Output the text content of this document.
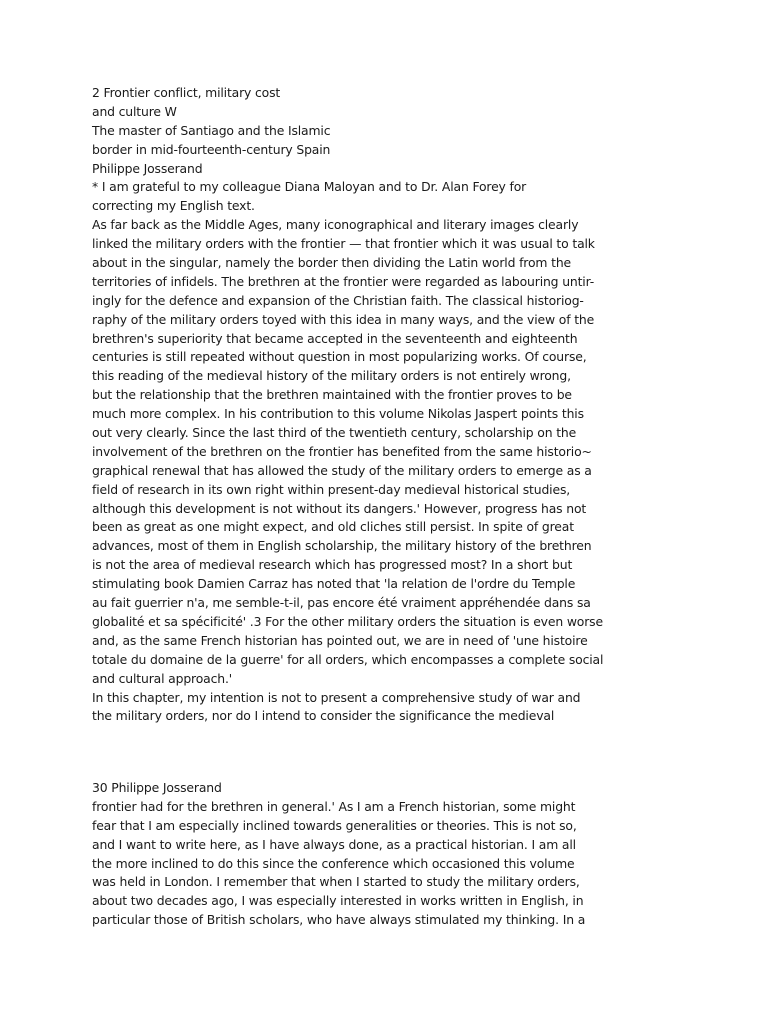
2 Frontier conflict, military cost
and culture W
The master of Santiago and the Islamic
border in mid-fourteenth-century Spain
Philippe Josserand
* I am grateful to my colleague Diana Maloyan and to Dr. Alan Forey for
correcting my English text.
As far back as the Middle Ages, many iconographical and literary images clearly
linked the military orders with the frontier — that frontier which it was usual to talk
about in the singular, namely the border then dividing the Latin world from the
territories of infidels. The brethren at the frontier were regarded as labouring untir-
ingly for the defence and expansion of the Christian faith. The classical historiog-
raphy of the military orders toyed with this idea in many ways, and the view of the
brethren's superiority that became accepted in the seventeenth and eighteenth
centuries is still repeated without question in most popularizing works. Of course,
this reading of the medieval history of the military orders is not entirely wrong,
but the relationship that the brethren maintained with the frontier proves to be
much more complex. In his contribution to this volume Nikolas Jaspert points this
out very clearly. Since the last third of the twentieth century, scholarship on the
involvement of the brethren on the frontier has benefited from the same historio~
graphical renewal that has allowed the study of the military orders to emerge as a
field of research in its own right within present-day medieval historical studies,
although this development is not without its dangers.' However, progress has not
been as great as one might expect, and old cliches still persist. In spite of great
advances, most of them in English scholarship, the military history of the brethren
is not the area of medieval research which has progressed most? In a short but
stimulating book Damien Carraz has noted that 'la relation de l'ordre du Temple
au fait guerrier n'a, me semble-t-il, pas encore été vraiment appréhendée dans sa
globalité et sa spécificité' .3 For the other military orders the situation is even worse
and, as the same French historian has pointed out, we are in need of 'une histoire
totale du domaine de la guerre' for all orders, which encompasses a complete social
and cultural approach.'
In this chapter, my intention is not to present a comprehensive study of war and
the military orders, nor do I intend to consider the significance the medieval
30 Philippe Josserand
frontier had for the brethren in general.' As I am a French historian, some might
fear that I am especially inclined towards generalities or theories. This is not so,
and I want to write here, as I have always done, as a practical historian. I am all
the more inclined to do this since the conference which occasioned this volume
was held in London. I remember that when I started to study the military orders,
about two decades ago, I was especially interested in works written in English, in
particular those of British scholars, who have always stimulated my thinking. In a
